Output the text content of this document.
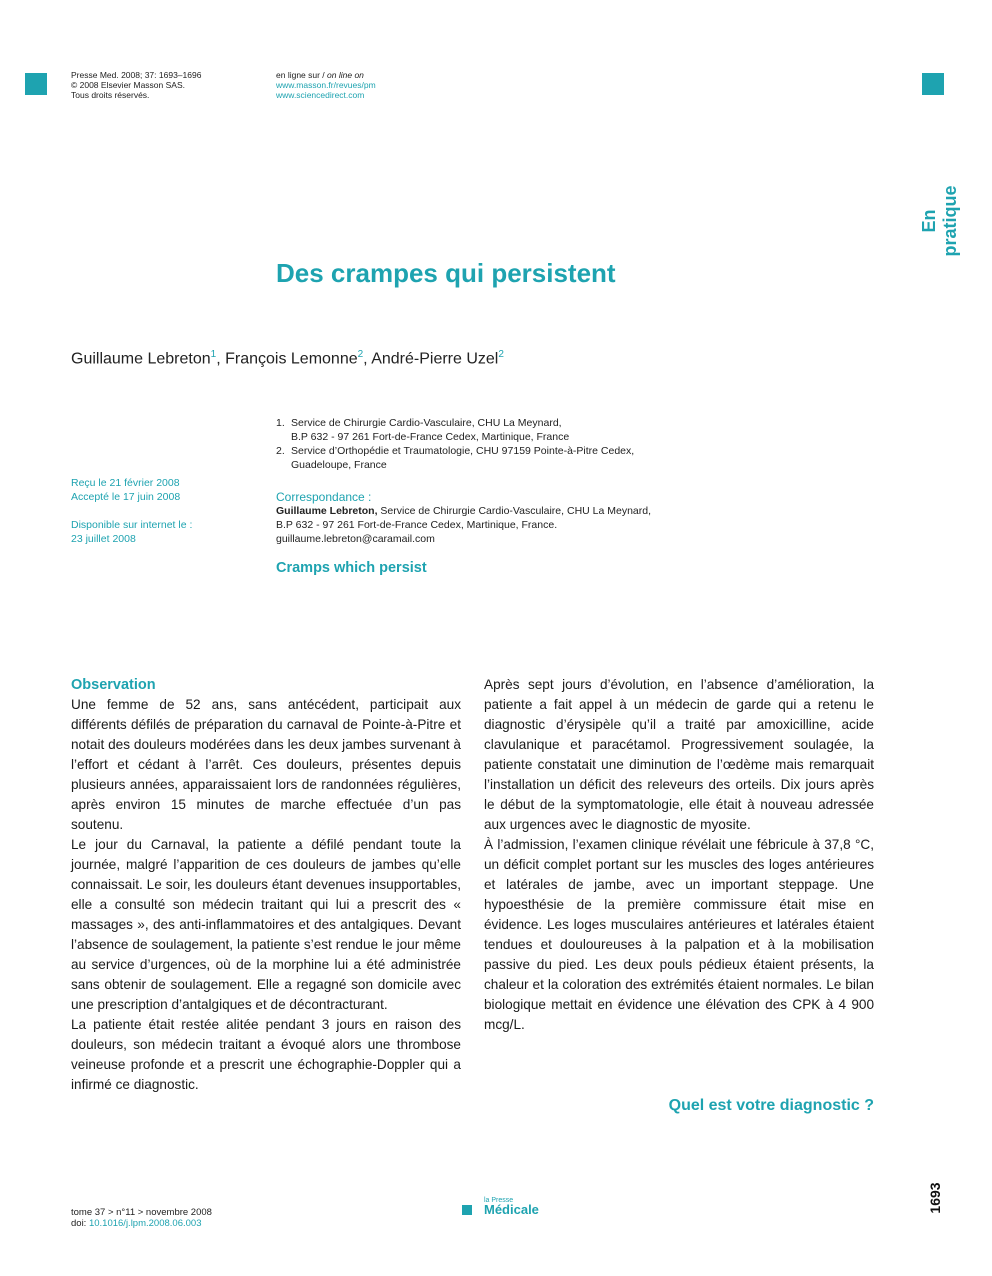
Presse Med. 2008; 37: 1693–1696
© 2008 Elsevier Masson SAS.
Tous droits réservés.
en ligne sur / on line on
www.masson.fr/revues/pm
www.sciencedirect.com
En pratique
Des crampes qui persistent
Guillaume Lebreton$^1$, François Lemonne$^2$, André-Pierre Uzel$^2$
1. Service de Chirurgie Cardio-Vasculaire, CHU La Meynard,
B.P 632 - 97 261 Fort-de-France Cedex, Martinique, France
2. Service d’Orthopédie et Traumatologie, CHU 97159 Pointe-à-Pitre Cedex,
Guadeloupe, France
Reçu le 21 février 2008
Accepté le 17 juin 2008
Disponible sur internet le :
23 juillet 2008
Correspondance :
Guillaume Lebreton, Service de Chirurgie Cardio-Vasculaire, CHU La Meynard,
B.P 632 - 97 261 Fort-de-France Cedex, Martinique, France.
guillaume.lebreton@caramail.com
Cramps which persist
Observation

Une femme de 52 ans, sans antécédent, participait aux différents défilés de préparation du carnaval de Pointe-à-Pitre et notait des douleurs modérées dans les deux jambes survenant à l’effort et cédant à l’arrêt. Ces douleurs, présentes depuis plusieurs années, apparaissaient lors de randonnées régulières, après environ 15 minutes de marche effectuée d’un pas soutenu.

Le jour du Carnaval, la patiente a défilé pendant toute la journée, malgré l’apparition de ces douleurs de jambes qu’elle connaissait. Le soir, les douleurs étant devenues insupportables, elle a consulté son médecin traitant qui lui a prescrit des « massages », des anti-inflammatoires et des antalgiques. Devant l’absence de soulagement, la patiente s’est rendue le jour même au service d’urgences, où de la morphine lui a été administrée sans obtenir de soulagement. Elle a regagné son domicile avec une prescription d’antalgiques et de décontracturant.

La patiente était restée alitée pendant 3 jours en raison des douleurs, son médecin traitant a évoqué alors une thrombose veineuse profonde et a prescrit une échographie-Doppler qui a infirmé ce diagnostic.

Après sept jours d’évolution, en l’absence d’amélioration, la patiente a fait appel à un médecin de garde qui a retenu le diagnostic d’érysipèle qu’il a traité par amoxicilline, acide clavulanique et paracétamol. Progressivement soulagée, la patiente constatait une diminution de l’œdème mais remarquait l’installation un déficit des releveurs des orteils. Dix jours après le début de la symptomatologie, elle était à nouveau adressée aux urgences avec le diagnostic de myosite.

À l’admission, l’examen clinique révélait une fébricule à 37,8 °C, un déficit complet portant sur les muscles des loges antérieures et latérales de jambe, avec un important steppage. Une hypoesthésie de la première commissure était mise en évidence. Les loges musculaires antérieures et latérales étaient tendues et douloureuses à la palpation et à la mobilisation passive du pied. Les deux pouls pédieux étaient présents, la chaleur et la coloration des extrémités étaient normales. Le bilan biologique mettait en évidence une élévation des CPK à 4 900 mcg/L.

Quel est votre diagnostic ?
tome 37 > n°11 > novembre 2008
doi: 10.1016/j.lpm.2008.06.003
la Presse
Médicale	1693
